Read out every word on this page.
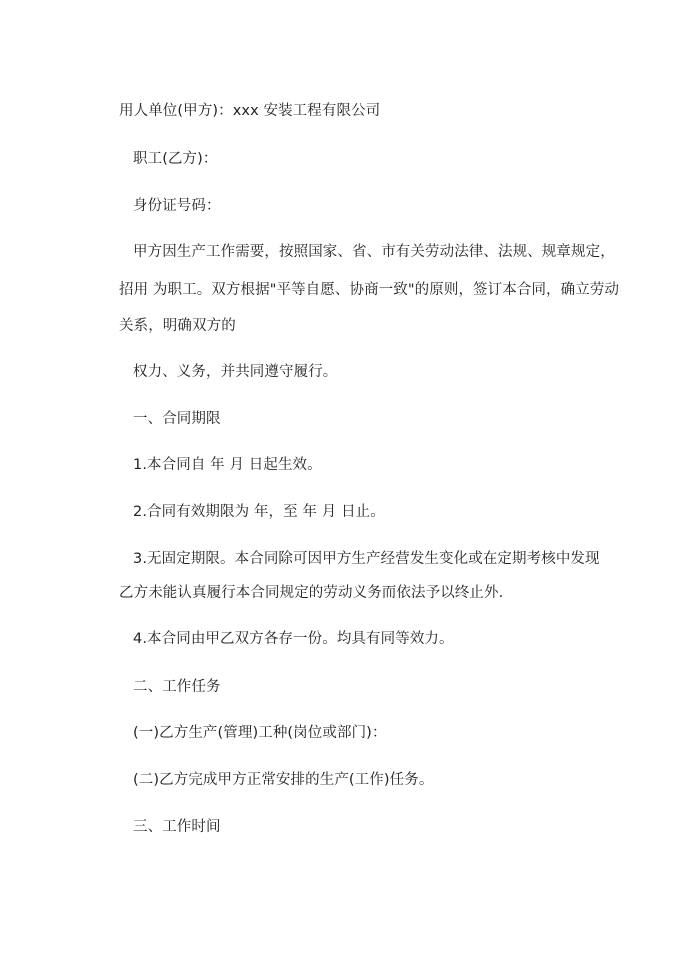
用人单位(甲方)：xxx 安装工程有限公司
职工(乙方)：
身份证号码：
甲方因生产工作需要，按照国家、省、市有关劳动法律、法规、规章规定，
招用 为职工。双方根据"平等自愿、协商一致"的原则，签订本合同，确立劳动
关系，明确双方的
权力、义务，并共同遵守履行。
一、合同期限
1.本合同自 年 月 日起生效。
2.合同有效期限为 年，至 年 月 日止。
3.无固定期限。本合同除可因甲方生产经营发生变化或在定期考核中发现
乙方未能认真履行本合同规定的劳动义务而依法予以终止外.
4.本合同由甲乙双方各存一份。均具有同等效力。
二、工作任务
(一)乙方生产(管理)工种(岗位或部门)：
(二)乙方完成甲方正常安排的生产(工作)任务。
三、工作时间
